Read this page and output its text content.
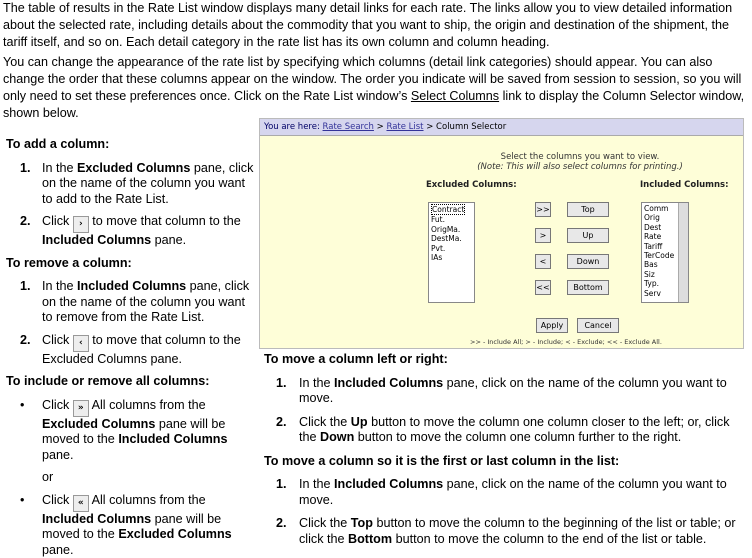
The table of results in the Rate List window displays many detail links for each rate. The links allow you to view detailed information about the selected rate, including details about the commodity that you want to ship, the origin and destination of the shipment, the tariff itself, and so on. Each detail category in the rate list has its own column and column heading.

You can change the appearance of the rate list by specifying which columns (detail link categories) should appear. You can also change the order that these columns appear on the window. The order you indicate will be saved from session to session, so you will only need to set these preferences once. Click on the Rate List window’s Select Columns link to display the Column Selector window, shown below.

To add a column:

1. In the Excluded Columns pane, click on the name of the column you want to add to the Rate List.
2. Click › to move that column to the Included Columns pane.

To remove a column:

1. In the Included Columns pane, click on the name of the column you want to remove from the Rate List.
2. Click ‹ to move that column to the Excluded Columns pane.

To include or remove all columns:

• Click » All columns from the Excluded Columns pane will be moved to the Included Columns pane.
or
• Click « All columns from the Included Columns pane will be moved to the Excluded Columns pane.
You are here: Rate Search > Rate List > Column Selector
Select the columns you want to view.
(Note: This will also select columns for printing.)
Excluded Columns:	Included Columns:
Contract
Fut.
OrigMa.
DestMa.
Pvt.
IAs
Comm
Orig
Dest
Rate
Tariff
TerCode
Bas
Siz
Typ.
Serv
>>
>
<
<<
Top
Up
Down
Bottom
Apply	Cancel
>> - Include All; > - Include; < - Exclude; << - Exclude All.

To move a column left or right:

1. In the Included Columns pane, click on the name of the column you want to move.
2. Click the Up button to move the column one column closer to the left; or, click the Down button to move the column one column further to the right.

To move a column so it is the first or last column in the list:

1. In the Included Columns pane, click on the name of the column you want to move.
2. Click the Top button to move the column to the beginning of the list or table; or click the Bottom button to move the column to the end of the list or table.
